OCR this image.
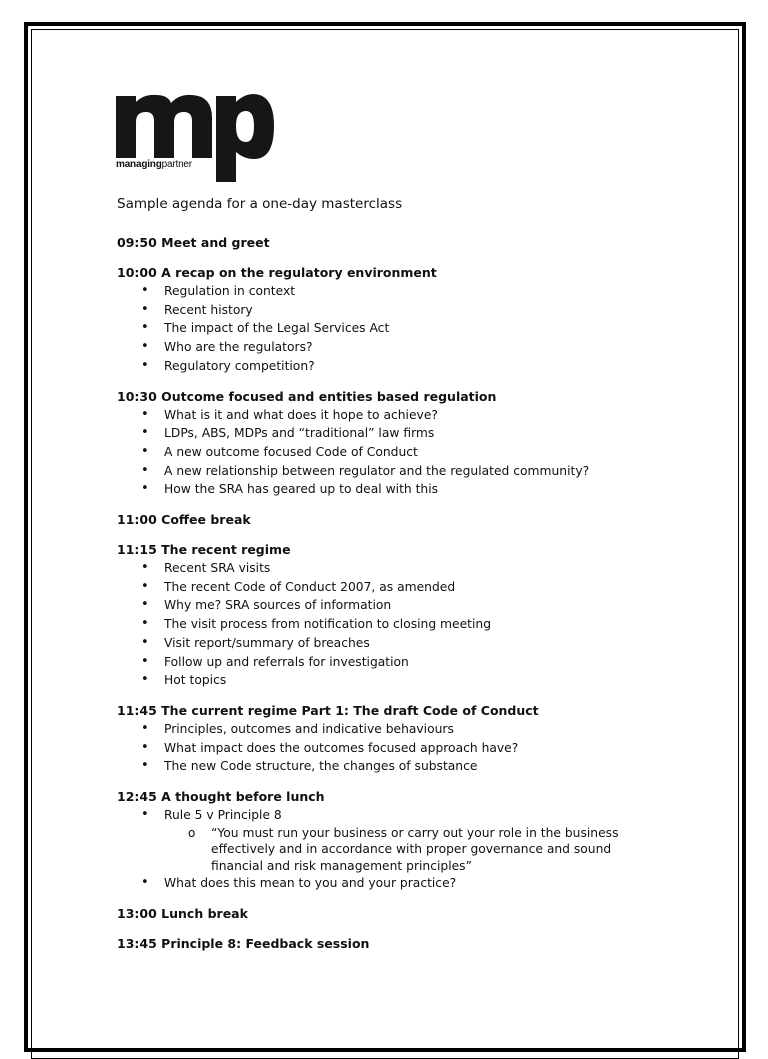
managingpartner
Sample agenda for a one-day masterclass
09:50 Meet and greet
10:00 A recap on the regulatory environment
• Regulation in context
• Recent history
• The impact of the Legal Services Act
• Who are the regulators?
• Regulatory competition?
10:30 Outcome focused and entities based regulation
• What is it and what does it hope to achieve?
• LDPs, ABS, MDPs and “traditional” law firms
• A new outcome focused Code of Conduct
• A new relationship between regulator and the regulated community?
• How the SRA has geared up to deal with this
11:00 Coffee break
11:15 The recent regime
• Recent SRA visits
• The recent Code of Conduct 2007, as amended
• Why me? SRA sources of information
• The visit process from notification to closing meeting
• Visit report/summary of breaches
• Follow up and referrals for investigation
• Hot topics
11:45 The current regime Part 1: The draft Code of Conduct
• Principles, outcomes and indicative behaviours
• What impact does the outcomes focused approach have?
• The new Code structure, the changes of substance
12:45 A thought before lunch
• Rule 5 v Principle 8
o “You must run your business or carry out your role in the business effectively and in accordance with proper governance and sound financial and risk management principles”
• What does this mean to you and your practice?
13:00 Lunch break
13:45 Principle 8: Feedback session
